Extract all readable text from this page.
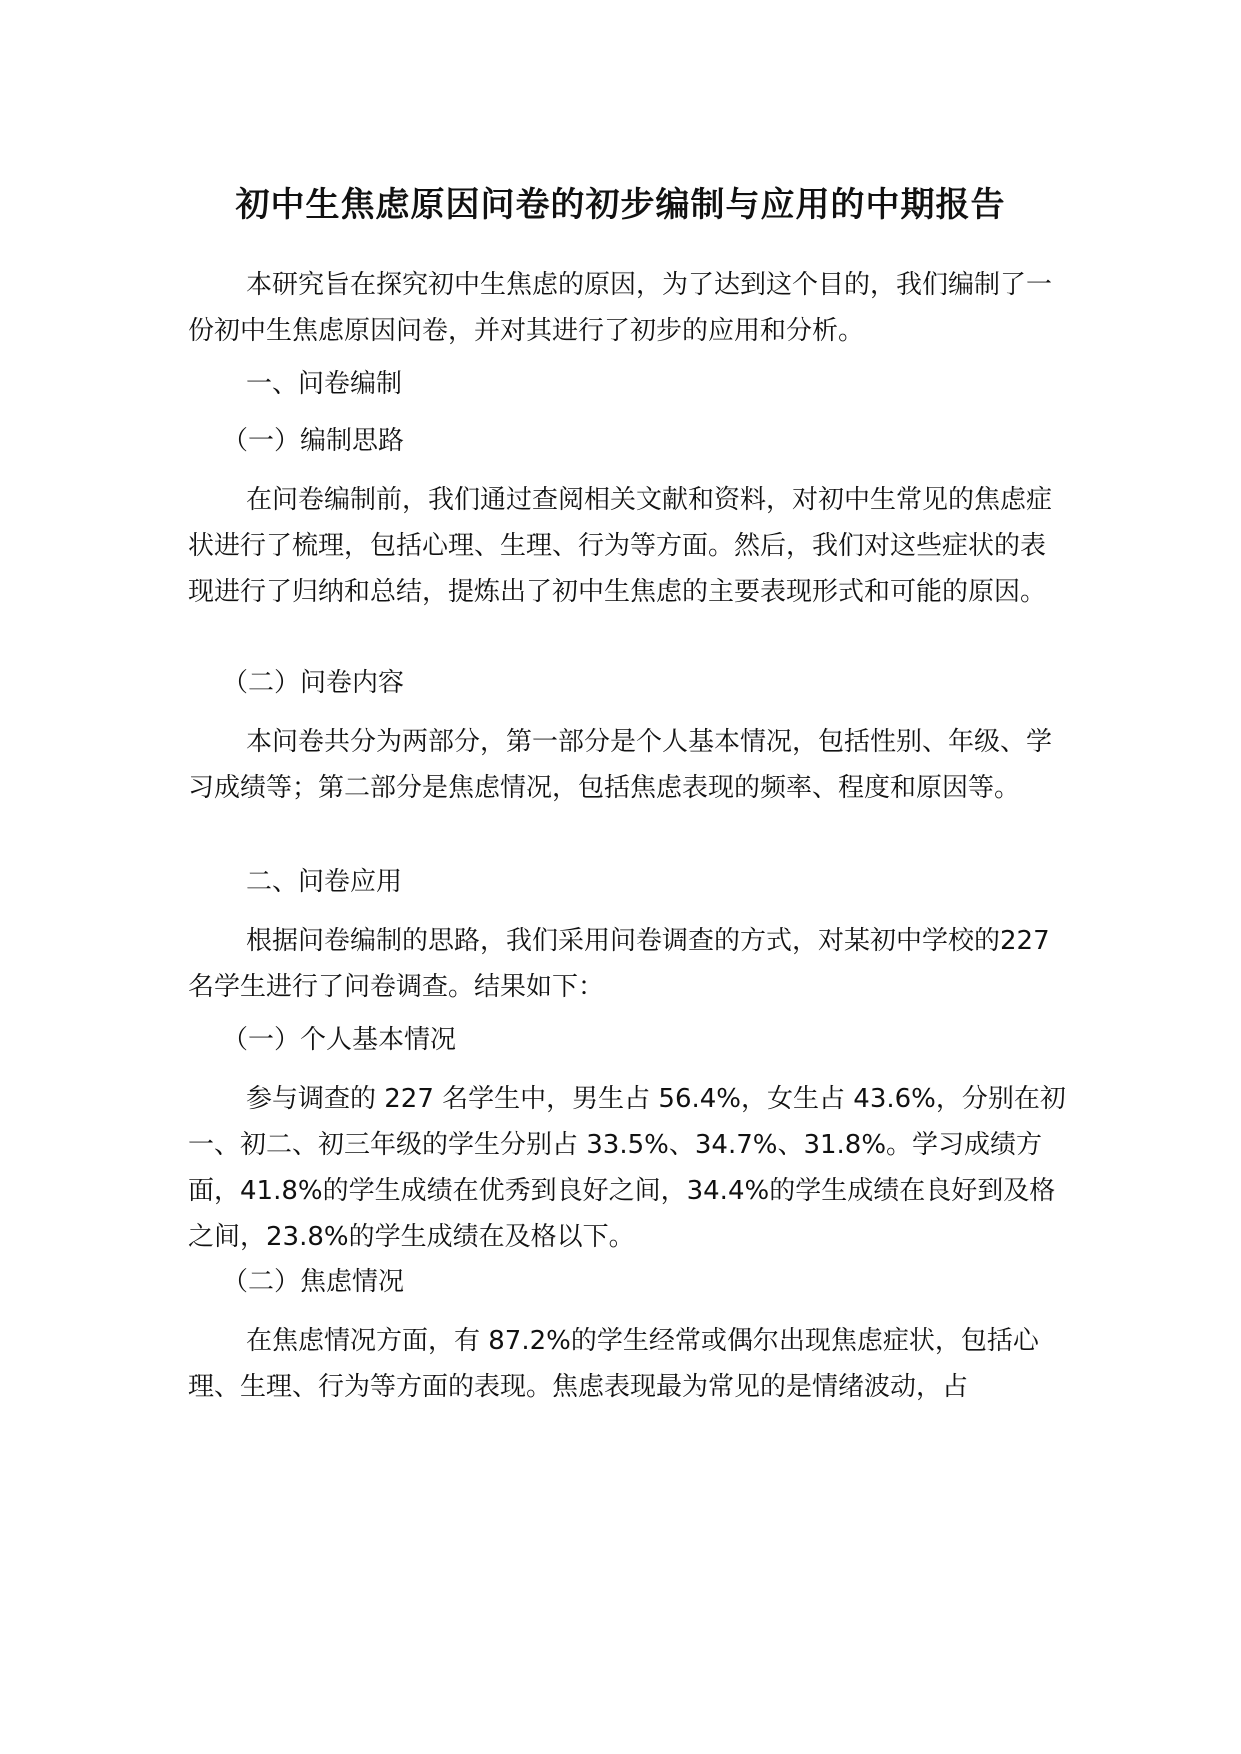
初中生焦虑原因问卷的初步编制与应用的中期报告

本研究旨在探究初中生焦虑的原因，为了达到这个目的，我们编制了一份初中生焦虑原因问卷，并对其进行了初步的应用和分析。

一、问卷编制

（一）编制思路

在问卷编制前，我们通过查阅相关文献和资料，对初中生常见的焦虑症状进行了梳理，包括心理、生理、行为等方面。然后，我们对这些症状的表现进行了归纳和总结，提炼出了初中生焦虑的主要表现形式和可能的原因。

（二）问卷内容

本问卷共分为两部分，第一部分是个人基本情况，包括性别、年级、学习成绩等；第二部分是焦虑情况，包括焦虑表现的频率、程度和原因等。

二、问卷应用

根据问卷编制的思路，我们采用问卷调查的方式，对某初中学校的227 名学生进行了问卷调查。结果如下：

（一）个人基本情况

参与调查的 227 名学生中，男生占 56.4%，女生占 43.6%，分别在初一、初二、初三年级的学生分别占 33.5%、34.7%、31.8%。学习成绩方面，41.8%的学生成绩在优秀到良好之间，34.4%的学生成绩在良好到及格之间，23.8%的学生成绩在及格以下。

（二）焦虑情况

在焦虑情况方面，有 87.2%的学生经常或偶尔出现焦虑症状，包括心理、生理、行为等方面的表现。焦虑表现最为常见的是情绪波动，占
